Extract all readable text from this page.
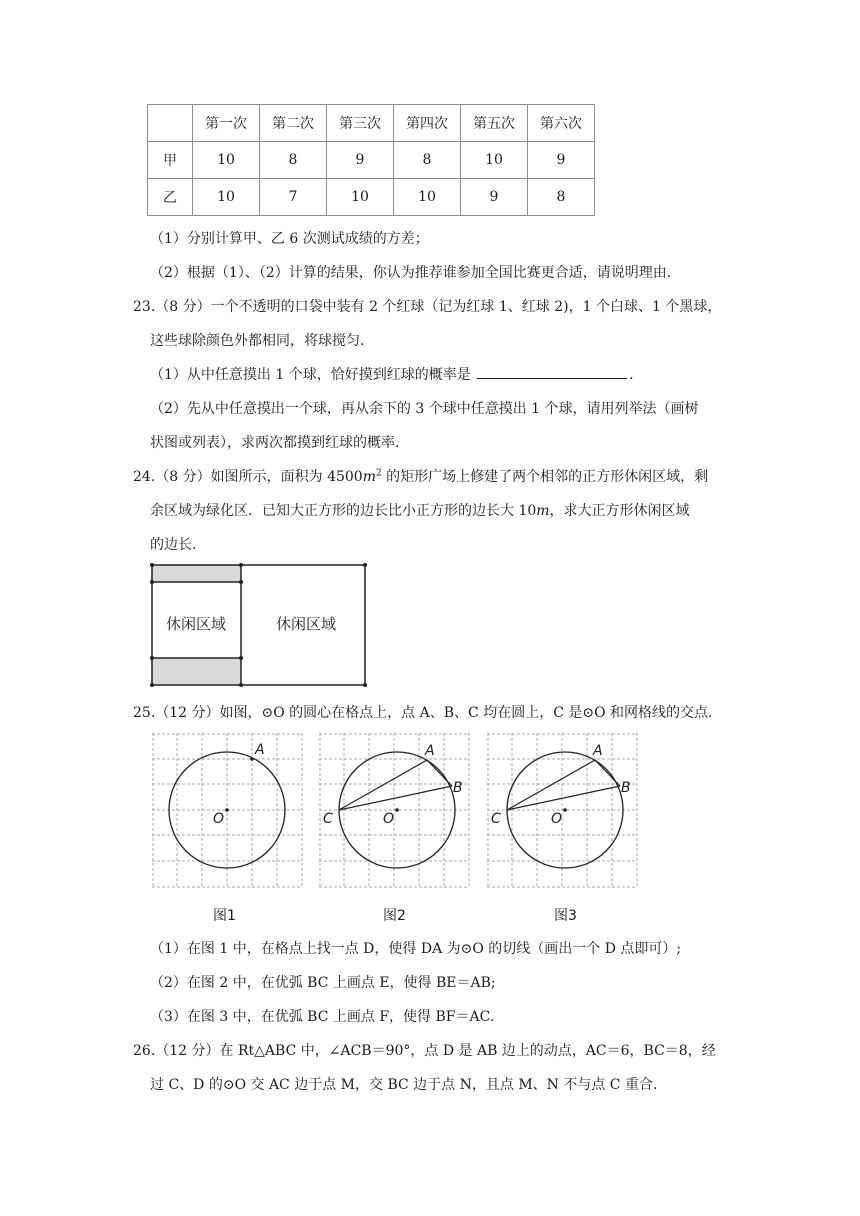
	第一次	第二次	第三次	第四次	第五次	第六次
甲	10	8	9	8	10	9
乙	10	7	10	10	9	8
（1）分别计算甲、乙 6 次测试成绩的方差；
（2）根据（1）、（2）计算的结果，你认为推荐谁参加全国比赛更合适，请说明理由.
23.（8 分）一个不透明的口袋中装有 2 个红球（记为红球 1、红球 2)，1 个白球、1 个黑球，
这些球除颜色外都相同，将球搅匀.
（1）从中任意摸出 1 个球，恰好摸到红球的概率是	.
（2）先从中任意摸出一个球，再从余下的 3 个球中任意摸出 1 个球，请用列举法（画树
状图或列表），求两次都摸到红球的概率.
24.（8 分）如图所示，面积为 $4500m^2$ 的矩形广场上修建了两个相邻的正方形休闲区域，剩
余区域为绿化区．已知大正方形的边长比小正方形的边长大 10m，求大正方形休闲区域
的边长.
休闲区域	休闲区域
25.（12 分）如图，⊙O 的圆心在格点上，点 A、B、C 均在圆上，C 是⊙O 和网格线的交点.
A
O
A
B
C	O
A
B
C	O
图1	图2	图3
（1）在图 1 中，在格点上找一点 D，使得 DA 为⊙O 的切线（画出一个 D 点即可）;
（2）在图 2 中，在优弧 BC 上画点 E，使得 BE＝AB;
（3）在图 3 中，在优弧 BC 上画点 F，使得 BF＝AC.
26.（12 分）在 Rt△ABC 中，∠ACB＝90°，点 D 是 AB 边上的动点，AC＝6，BC＝8，经
过 C、D 的⊙O 交 AC 边于点 M，交 BC 边于点 N，且点 M、N 不与点 C 重合.
